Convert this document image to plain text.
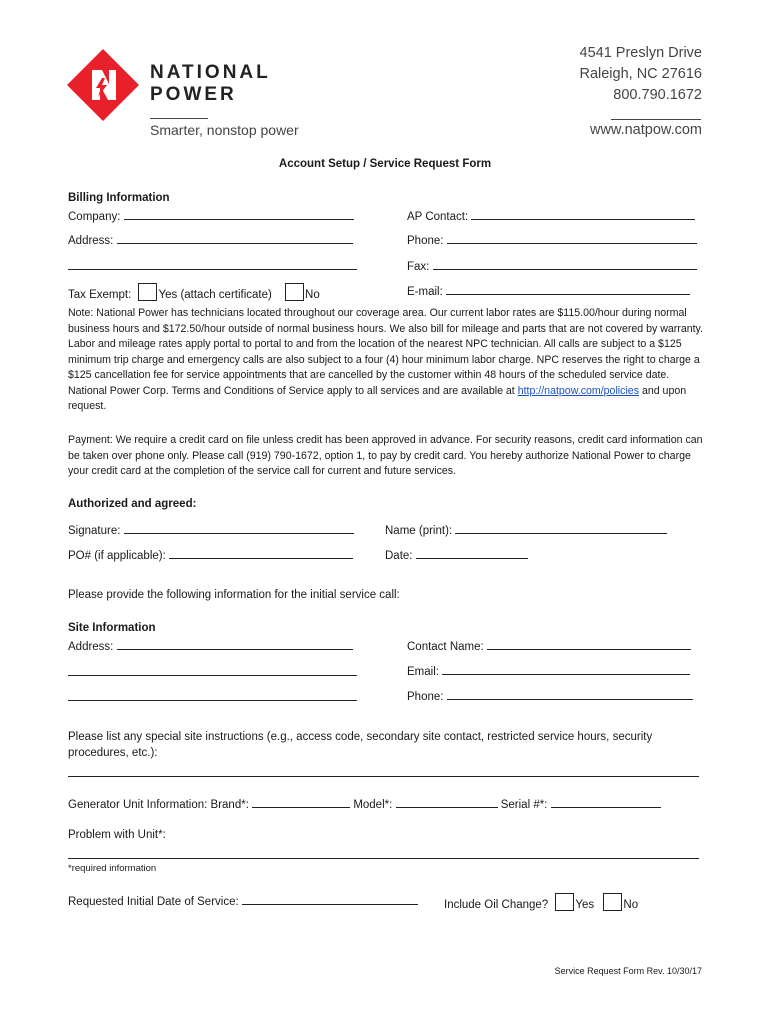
NATIONAL
POWER
Smarter, nonstop power
4541 Preslyn Drive
Raleigh, NC 27616
800.790.1672
www.natpow.com
Account Setup / Service Request Form
Billing Information
Company:	AP Contact:
Address:	Phone:
Fax:
Tax Exempt: Yes (attach certificate)	No	E-mail:
Note: National Power has technicians located throughout our coverage area. Our current labor rates are $115.00/hour during normal business hours and $172.50/hour outside of normal business hours. We also bill for mileage and parts that are not covered by warranty. Labor and mileage rates apply portal to portal to and from the location of the nearest NPC technician. All calls are subject to a $125 minimum trip charge and emergency calls are also subject to a four (4) hour minimum labor charge. NPC reserves the right to charge a $125 cancellation fee for service appointments that are cancelled by the customer within 48 hours of the scheduled service date. National Power Corp. Terms and Conditions of Service apply to all services and are available at http://natpow.com/policies and upon request.
Payment: We require a credit card on file unless credit has been approved in advance. For security reasons, credit card information can be taken over phone only. Please call (919) 790-1672, option 1, to pay by credit card. You hereby authorize National Power to charge your credit card at the completion of the service call for current and future services.
Authorized and agreed:
Signature:	Name (print):
PO# (if applicable):	Date:
Please provide the following information for the initial service call:
Site Information
Address:	Contact Name:
Email:
Phone:
Please list any special site instructions (e.g., access code, secondary site contact, restricted service hours, security procedures, etc.):
Generator Unit Information: Brand*:	Model*:	Serial #*:
Problem with Unit*:
*required information
Requested Initial Date of Service:	Include Oil Change? Yes	No
Service Request Form Rev. 10/30/17
